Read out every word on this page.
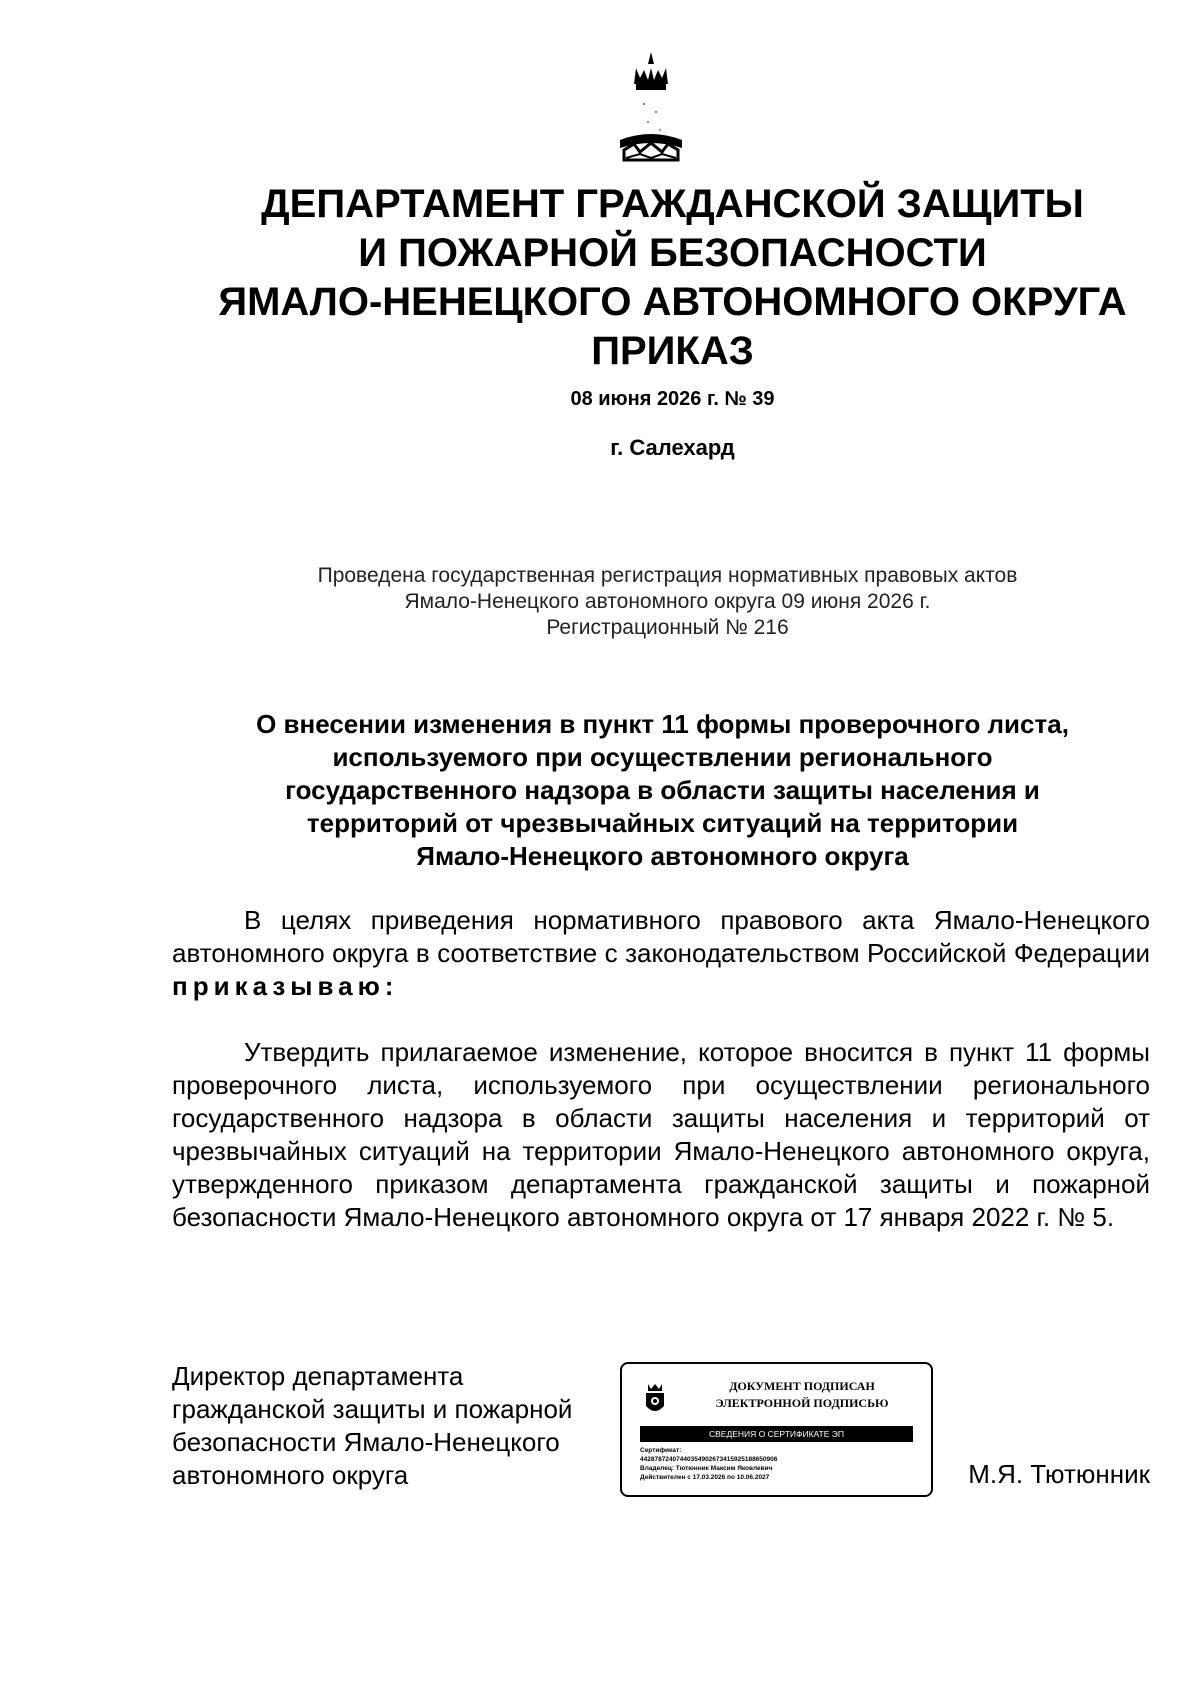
ДЕПАРТАМЕНТ ГРАЖДАНСКОЙ ЗАЩИТЫ
И ПОЖАРНОЙ БЕЗОПАСНОСТИ
ЯМАЛО-НЕНЕЦКОГО АВТОНОМНОГО ОКРУГА
ПРИКАЗ
08 июня 2026 г. № 39
г. Салехард
Проведена государственная регистрация нормативных правовых актов
Ямало-Ненецкого автономного округа 09 июня 2026 г.
Регистрационный № 216
О внесении изменения в пункт 11 формы проверочного листа,
используемого при осуществлении регионального
государственного надзора в области защиты населения и
территорий от чрезвычайных ситуаций на территории
Ямало-Ненецкого автономного округа
В целях приведения нормативного правового акта Ямало-Ненецкого автономного округа в соответствие с законодательством Российской Федерации приказываю:
Утвердить прилагаемое изменение, которое вносится в пункт 11 формы проверочного листа, используемого при осуществлении регионального государственного надзора в области защиты населения и территорий от чрезвычайных ситуаций на территории Ямало-Ненецкого автономного округа, утвержденного приказом департамента гражданской защиты и пожарной безопасности Ямало-Ненецкого автономного округа от 17 января 2022 г. № 5.
Директор департамента
гражданской защиты и пожарной
безопасности Ямало-Ненецкого
автономного округа
ДОКУМЕНТ ПОДПИСАН
ЭЛЕКТРОННОЙ ПОДПИСЬЮ
СВЕДЕНИЯ О СЕРТИФИКАТЕ ЭП
Сертификат:
44287872407440354902673415925188650906
Владелец: Тютюнник Максим Яковлевич
Действителен с 17.03.2026 по 10.06.2027	М.Я. Тютюнник
